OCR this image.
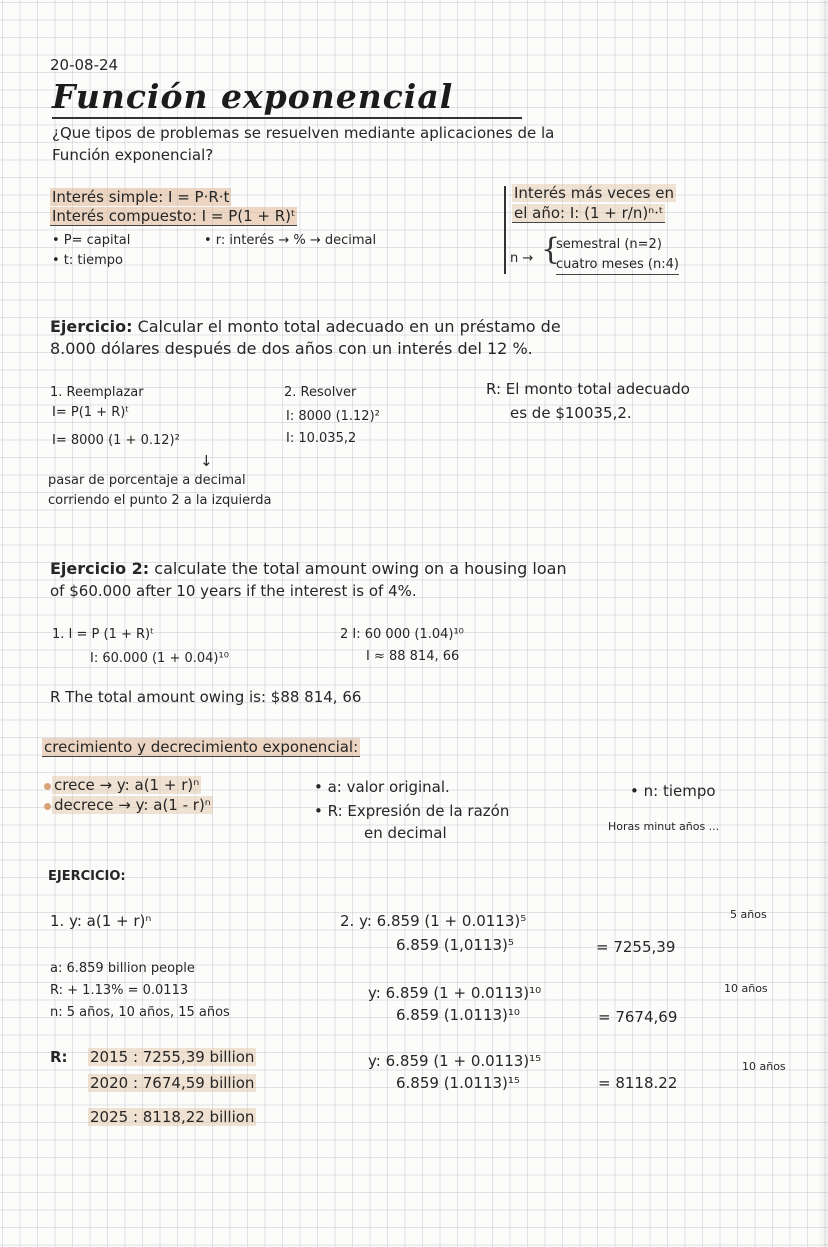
20-08-24
Función exponencial
¿Que tipos de problemas se resuelven mediante aplicaciones de la
Función exponencial?
Interés simple: I = P·R·t
Interés compuesto: I = P(1 + R)ᵗ
• P= capital	• r: interés → % → decimal
• t: tiempo
Interés más veces en
el año: I: (1 + r/n)ⁿ·ᵗ
n → {
semestral (n=2)
cuatro meses (n:4)
Ejercicio: Calcular el monto total adecuado en un préstamo de
8.000 dólares después de dos años con un interés del 12 %.
1. Reemplazar
I= P(1 + R)ᵗ
I= 8000 (1 + 0.12)²
↓
pasar de porcentaje a decimal
corriendo el punto 2 a la izquierda
2. Resolver
I: 8000 (1.12)²
I: 10.035,2
R: El monto total adecuado
es de $10035,2.
Ejercicio 2: calculate the total amount owing on a housing loan
of $60.000 after 10 years if the interest is of 4%.
1. I = P (1 + R)ᵗ
I: 60.000 (1 + 0.04)¹⁰
2 I: 60 000 (1.04)¹⁰
I ≈ 88 814, 66
R The total amount owing is: $88 814, 66
crecimiento y decrecimiento exponencial:
crece → y: a(1 + r)ⁿ
decrece → y: a(1 - r)ⁿ
• a: valor original.
• R: Expresión de la razón
en decimal
• n: tiempo
Horas minut años ...
EJERCICIO:
1. y: a(1 + r)ⁿ
a: 6.859 billion people
R: + 1.13% = 0.0113
n: 5 años, 10 años, 15 años
R: 2015 : 7255,39 billion
2020 : 7674,59 billion
2025 : 8118,22 billion
2. y: 6.859 (1 + 0.0113)⁵
6.859 (1,0113)⁵	= 7255,39
5 años
y: 6.859 (1 + 0.0113)¹⁰
6.859 (1.0113)¹⁰	= 7674,69
10 años
y: 6.859 (1 + 0.0113)¹⁵
6.859 (1.0113)¹⁵	= 8118.22
10 años
